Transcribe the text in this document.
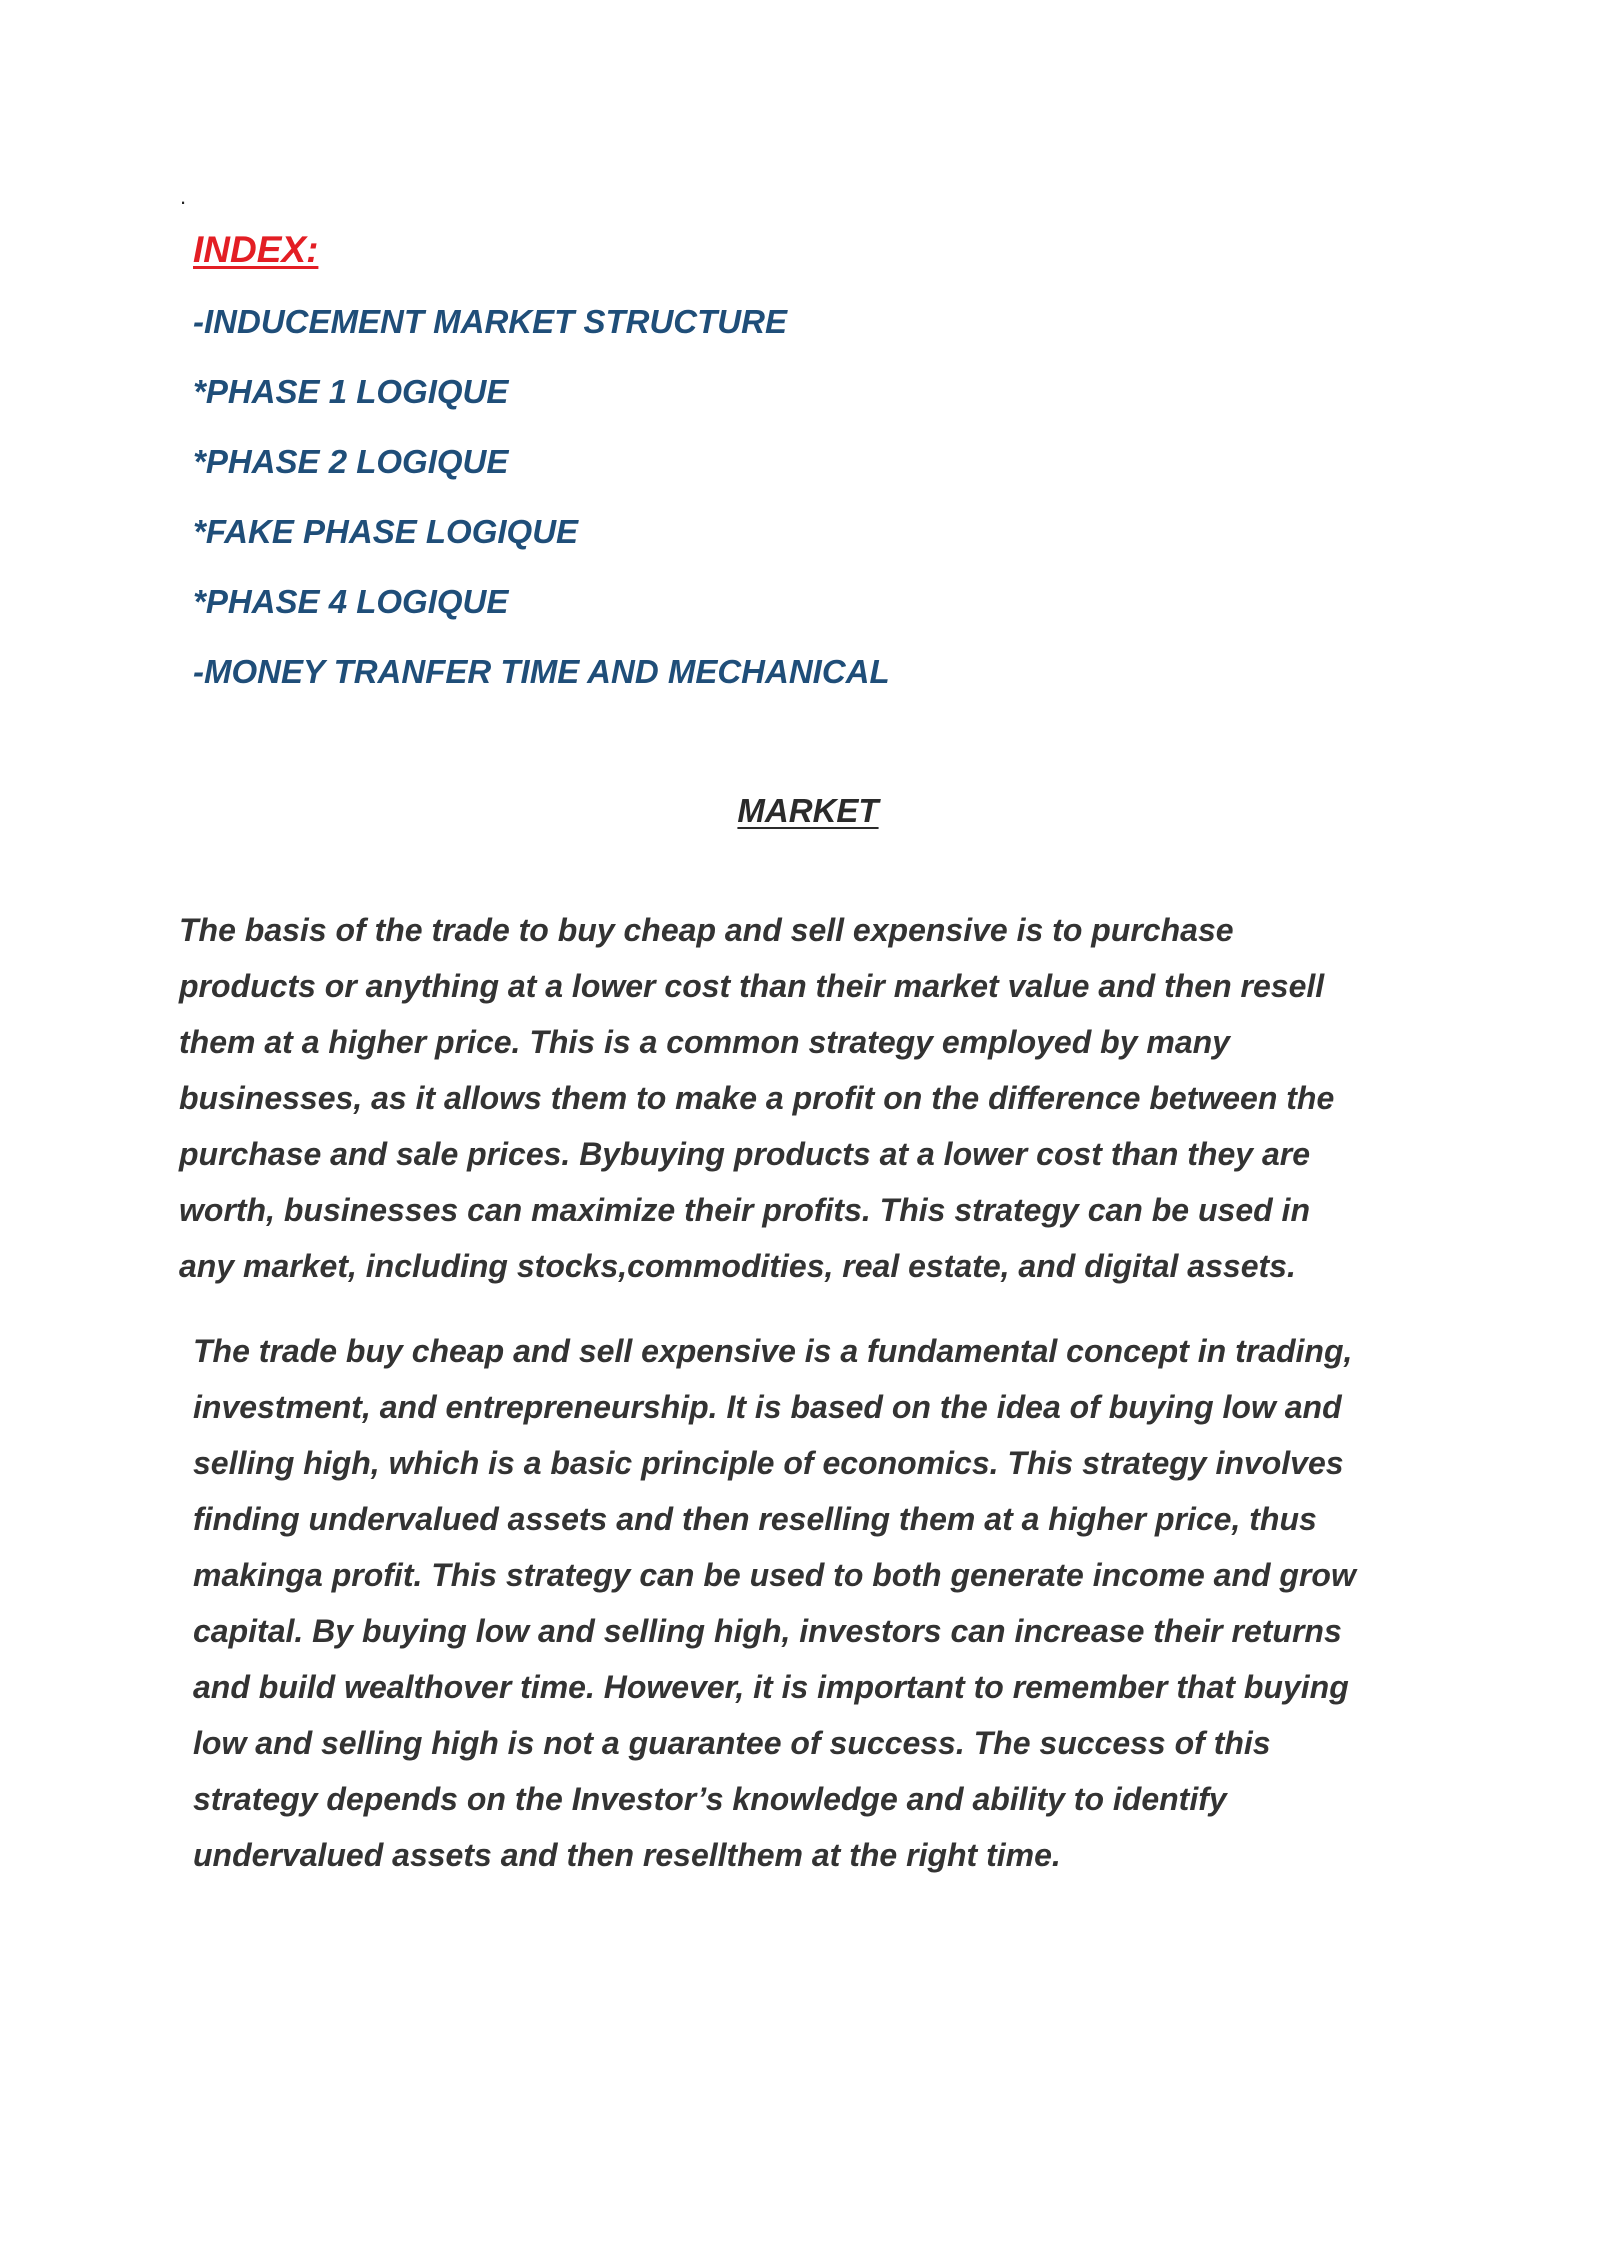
.
INDEX:
-INDUCEMENT MARKET STRUCTURE
*PHASE 1 LOGIQUE
*PHASE 2 LOGIQUE
*FAKE PHASE LOGIQUE
*PHASE 4 LOGIQUE
-MONEY TRANFER TIME AND MECHANICAL
MARKET

The basis of the trade to buy cheap and sell expensive is to purchase
products or anything at a lower cost than their market value and then resell
them at a higher price. This is a common strategy employed by many
businesses, as it allows them to make a profit on the difference between the
purchase and sale prices. Bybuying products at a lower cost than they are
worth, businesses can maximize their profits. This strategy can be used in
any market, including stocks,commodities, real estate, and digital assets.

The trade buy cheap and sell expensive is a fundamental concept in trading,
investment, and entrepreneurship. It is based on the idea of buying low and
selling high, which is a basic principle of economics. This strategy involves
finding undervalued assets and then reselling them at a higher price, thus
makinga profit. This strategy can be used to both generate income and grow
capital. By buying low and selling high, investors can increase their returns
and build wealthover time. However, it is important to remember that buying
low and selling high is not a guarantee of success. The success of this
strategy depends on the Investor’s knowledge and ability to identify
undervalued assets and then resellthem at the right time.
